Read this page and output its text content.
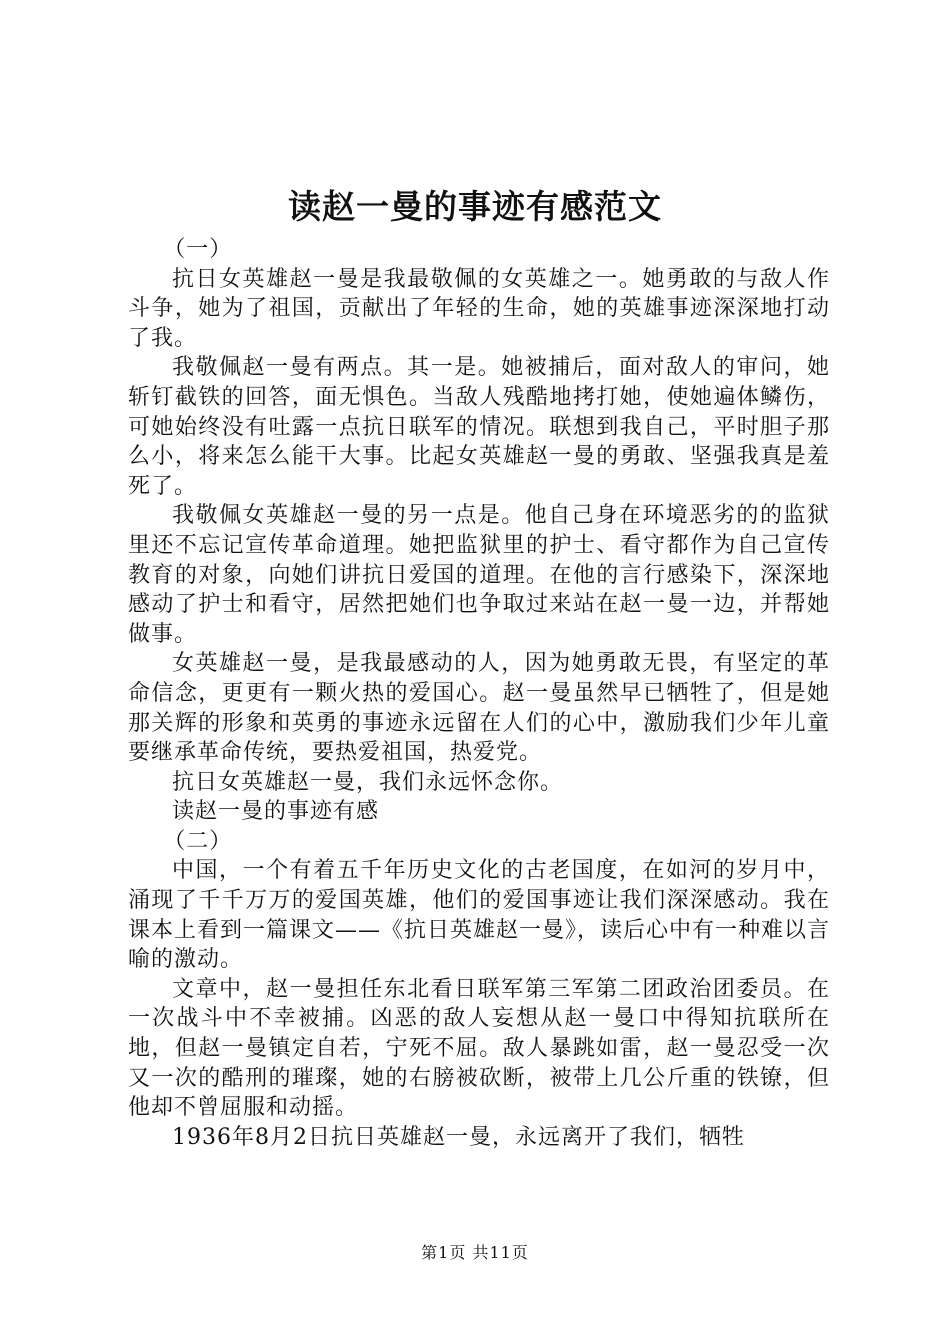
读赵一曼的事迹有感范文

（一）

抗日女英雄赵一曼是我最敬佩的女英雄之一。她勇敢的与敌人作斗争，她为了祖国，贡献出了年轻的生命，她的英雄事迹深深地打动了我。

我敬佩赵一曼有两点。其一是。她被捕后，面对敌人的审问，她斩钉截铁的回答，面无惧色。当敌人残酷地拷打她，使她遍体鳞伤，可她始终没有吐露一点抗日联军的情况。联想到我自己，平时胆子那么小，将来怎么能干大事。比起女英雄赵一曼的勇敢、坚强我真是羞死了。

我敬佩女英雄赵一曼的另一点是。他自己身在环境恶劣的的监狱里还不忘记宣传革命道理。她把监狱里的护士、看守都作为自己宣传教育的对象，向她们讲抗日爱国的道理。在他的言行感染下，深深地感动了护士和看守，居然把她们也争取过来站在赵一曼一边，并帮她做事。

女英雄赵一曼，是我最感动的人，因为她勇敢无畏，有坚定的革命信念，更更有一颗火热的爱国心。赵一曼虽然早已牺牲了，但是她那关辉的形象和英勇的事迹永远留在人们的心中，激励我们少年儿童要继承革命传统，要热爱祖国，热爱党。

抗日女英雄赵一曼，我们永远怀念你。

读赵一曼的事迹有感

（二）

中国，一个有着五千年历史文化的古老国度，在如河的岁月中，涌现了千千万万的爱国英雄，他们的爱国事迹让我们深深感动。我在课本上看到一篇课文——《抗日英雄赵一曼》，读后心中有一种难以言喻的激动。

文章中，赵一曼担任东北看日联军第三军第二团政治团委员。在一次战斗中不幸被捕。凶恶的敌人妄想从赵一曼口中得知抗联所在地，但赵一曼镇定自若，宁死不屈。敌人暴跳如雷，赵一曼忍受一次又一次的酷刑的璀璨，她的右膀被砍断，被带上几公斤重的铁镣，但他却不曾屈服和动摇。

1936年8月2日抗日英雄赵一曼，永远离开了我们，牺牲

第1页 共11页
